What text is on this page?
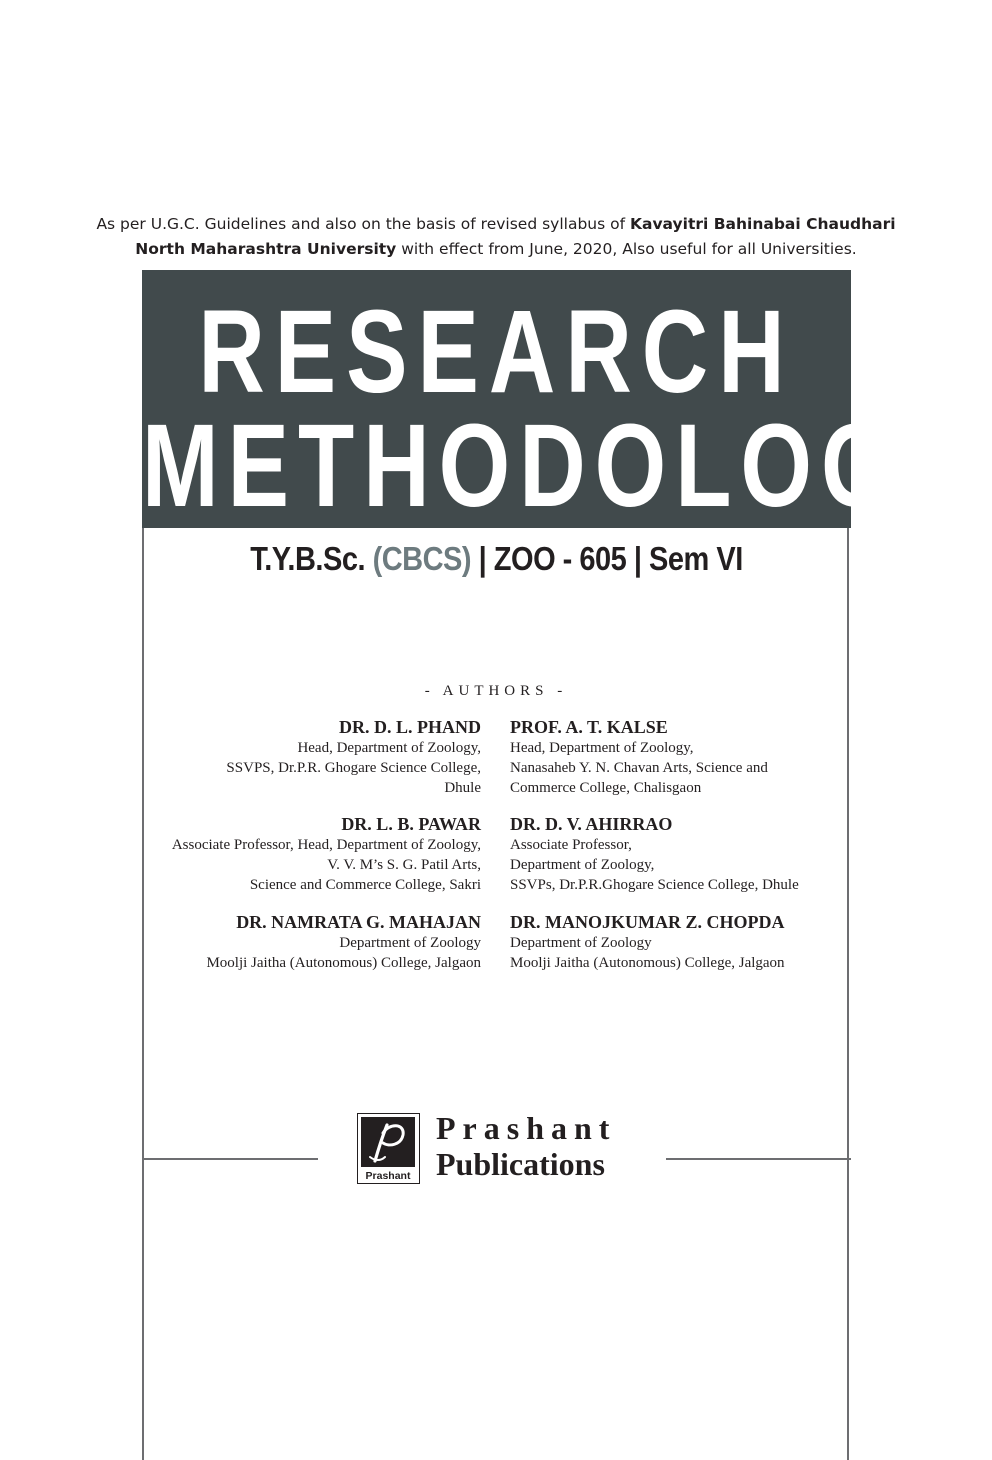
As per U.G.C. Guidelines and also on the basis of revised syllabus of Kavayitri Bahinabai Chaudhari
North Maharashtra University with effect from June, 2020, Also useful for all Universities.
RESEARCH
METHODOLOGY
T.Y.B.Sc. (CBCS) | ZOO - 605 | Sem VI
- AUTHORS -
DR. D. L. PHAND
Head, Department of Zoology,
SSVPS, Dr.P.R. Ghogare Science College,
Dhule
DR. L. B. PAWAR
Associate Professor, Head, Department of Zoology,
V. V. M’s S. G. Patil Arts,
Science and Commerce College, Sakri
DR. NAMRATA G. MAHAJAN
Department of Zoology
Moolji Jaitha (Autonomous) College, Jalgaon
PROF. A. T. KALSE
Head, Department of Zoology,
Nanasaheb Y. N. Chavan Arts, Science and
Commerce College, Chalisgaon
DR. D. V. AHIRRAO
Associate Professor,
Department of Zoology,
SSVPs, Dr.P.R.Ghogare Science College, Dhule
DR. MANOJKUMAR Z. CHOPDA
Department of Zoology
Moolji Jaitha (Autonomous) College, Jalgaon
Prashant
Prashant
Publications
